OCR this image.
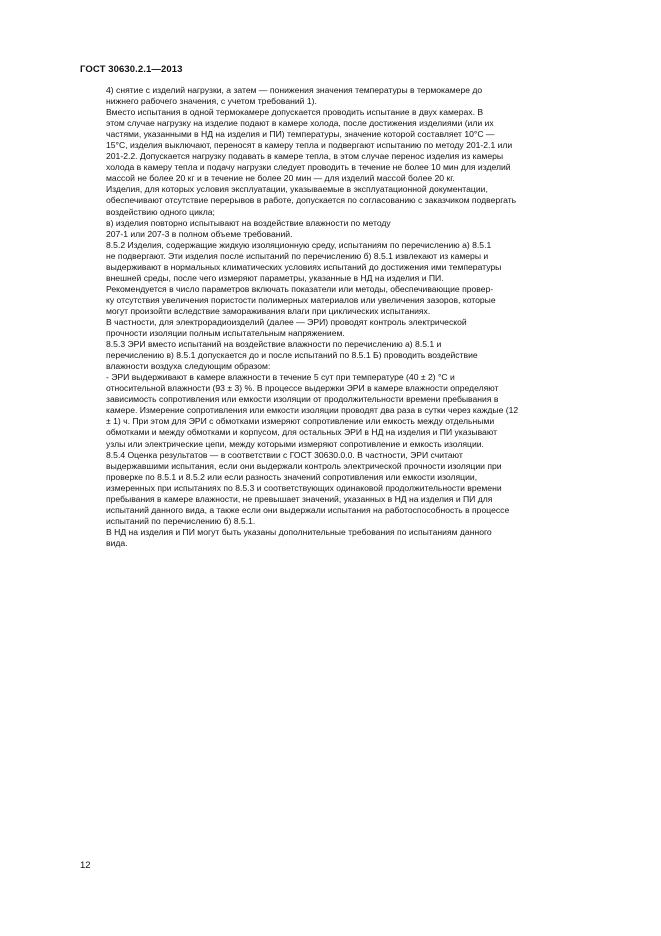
ГОСТ 30630.2.1—2013

4) снятие с изделий нагрузки, а затем — понижения значения температуры в термокамере до
нижнего рабочего значения, с учетом требований 1).

Вместо испытания в одной термокамере допускается проводить испытание в двух камерах. В
этом случае нагрузку на изделие подают в камере холода, после достижения изделиями (или их
частями, указанными в НД на изделия и ПИ) температуры, значение которой составляет 10°С —
15°С, изделия выключают, переносят в камеру тепла и подвергают испытанию по методу 201-2.1 или
201-2.2. Допускается нагрузку подавать в камере тепла, в этом случае перенос изделия из камеры
холода в камеру тепла и подачу нагрузки следует проводить в течение не более 10 мин для изделий
массой не более 20 кг и в течение не более 20 мин — для изделий массой более 20 кг.

Изделия, для которых условия эксплуатации, указываемые в эксплуатационной документации,
обеспечивают отсутствие перерывов в работе, допускается по согласованию с заказчиком подвергать
воздействию одного цикла;

в) изделия повторно испытывают на воздействие влажности по методу

207-1 или 207-3 в полном объеме требований.

8.5.2 Изделия, содержащие жидкую изоляционную среду, испытаниям по перечислению а) 8.5.1
не подвергают. Эти изделия после испытаний по перечислению б) 8.5.1 извлекают из камеры и
выдерживают в нормальных климатических условиях испытаний до достижения ими температуры
внешней среды, после чего измеряют параметры, указанные в НД на изделия и ПИ.

Рекомендуется в число параметров включать показатели или методы, обеспечивающие провер-
ку отсутствия увеличения пористости полимерных материалов или увеличения зазоров, которые
могут произойти вследствие замораживания влаги при циклических испытаниях.

В частности, для электрорадиоизделий (далее — ЭРИ) проводят контроль электрической
прочности изоляции полным испытательным напряжением.

8.5.3 ЭРИ вместо испытаний на воздействие влажности по перечислению а) 8.5.1 и
перечислению в) 8.5.1 допускается до и после испытаний по 8.5.1 Б) проводить воздействие
влажности воздуха следующим образом:

- ЭРИ выдерживают в камере влажности в течение 5 сут при температуре (40 ± 2) °С и
относительной влажности (93 ± 3) %. В процессе выдержки ЭРИ в камере влажности определяют
зависимость сопротивления или емкости изоляции от продолжительности времени пребывания в
камере. Измерение сопротивления или емкости изоляции проводят два раза в сутки через каждые (12
± 1) ч. При этом для ЭРИ с обмотками измеряют сопротивление или емкость между отдельными
обмотками и между обмотками и корпусом, для остальных ЭРИ в НД на изделия и ПИ указывают
узлы или электрические цепи, между которыми измеряют сопротивление и емкость изоляции.

8.5.4 Оценка результатов — в соответствии с ГОСТ 30630.0.0. В частности, ЭРИ считают
выдержавшими испытания, если они выдержали контроль электрической прочности изоляции при
проверке по 8.5.1 и 8.5.2 или если разность значений сопротивления или емкости изоляции,
измеренных при испытаниях по 8.5.3 и соответствующих одинаковой продолжительности времени
пребывания в камере влажности, не превышает значений, указанных в НД на изделия и ПИ для
испытаний данного вида, а также если они выдержали испытания на работоспособность в процессе
испытаний по перечислению б) 8.5.1.

В НД на изделия и ПИ могут быть указаны дополнительные требования по испытаниям данного
вида.

12
